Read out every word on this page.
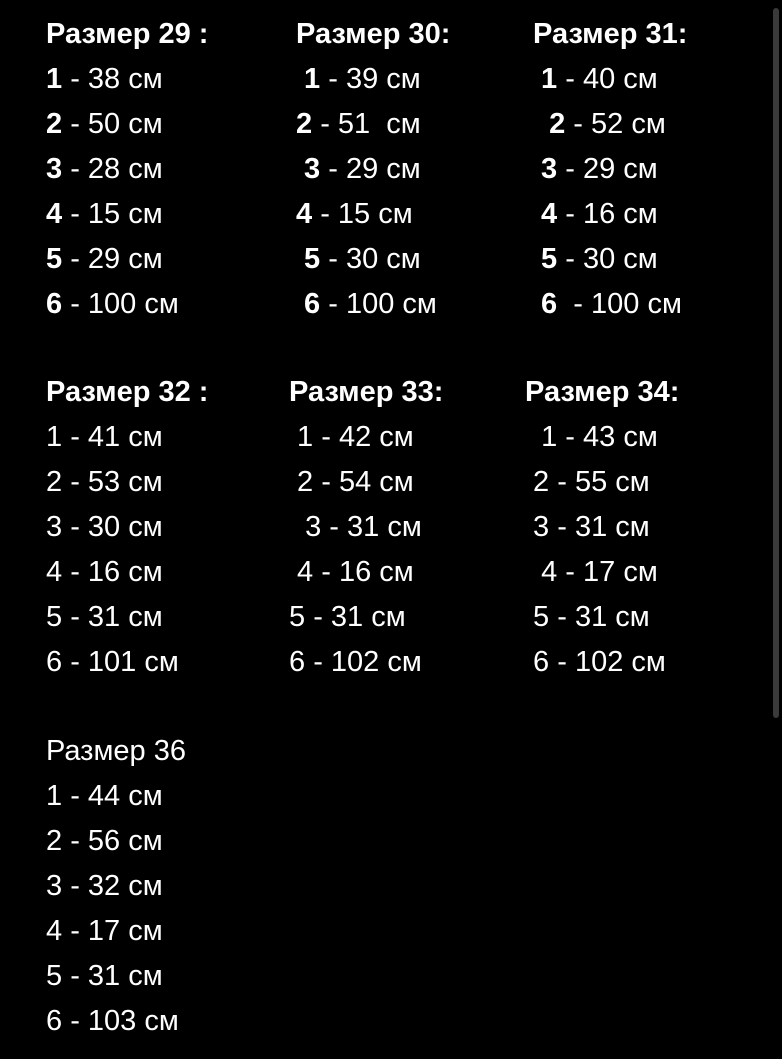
Размер 29 :
1 - 38 см
2 - 50 см
3 - 28 см
4 - 15 см
5 - 29 см
6 - 100 см
Размер 30:
1 - 39 см
2 - 51  см
3 - 29 см
4 - 15 см
5 - 30 см
6 - 100 см
Размер 31:
1 - 40 см
2 - 52 см
3 - 29 см
4 - 16 см
5 - 30 см
6  - 100 см
Размер 32 :
1 - 41 см
2 - 53 см
3 - 30 см
4 - 16 см
5 - 31 см
6 - 101 см
Размер 33:
1 - 42 см
2 - 54 см
3 - 31 см
4 - 16 см
5 - 31 см
6 - 102 см
Размер 34:
1 - 43 см
2 - 55 см
3 - 31 см
4 - 17 см
5 - 31 см
6 - 102 см
Размер 36
1 - 44 см
2 - 56 см
3 - 32 см
4 - 17 см
5 - 31 см
6 - 103 см
